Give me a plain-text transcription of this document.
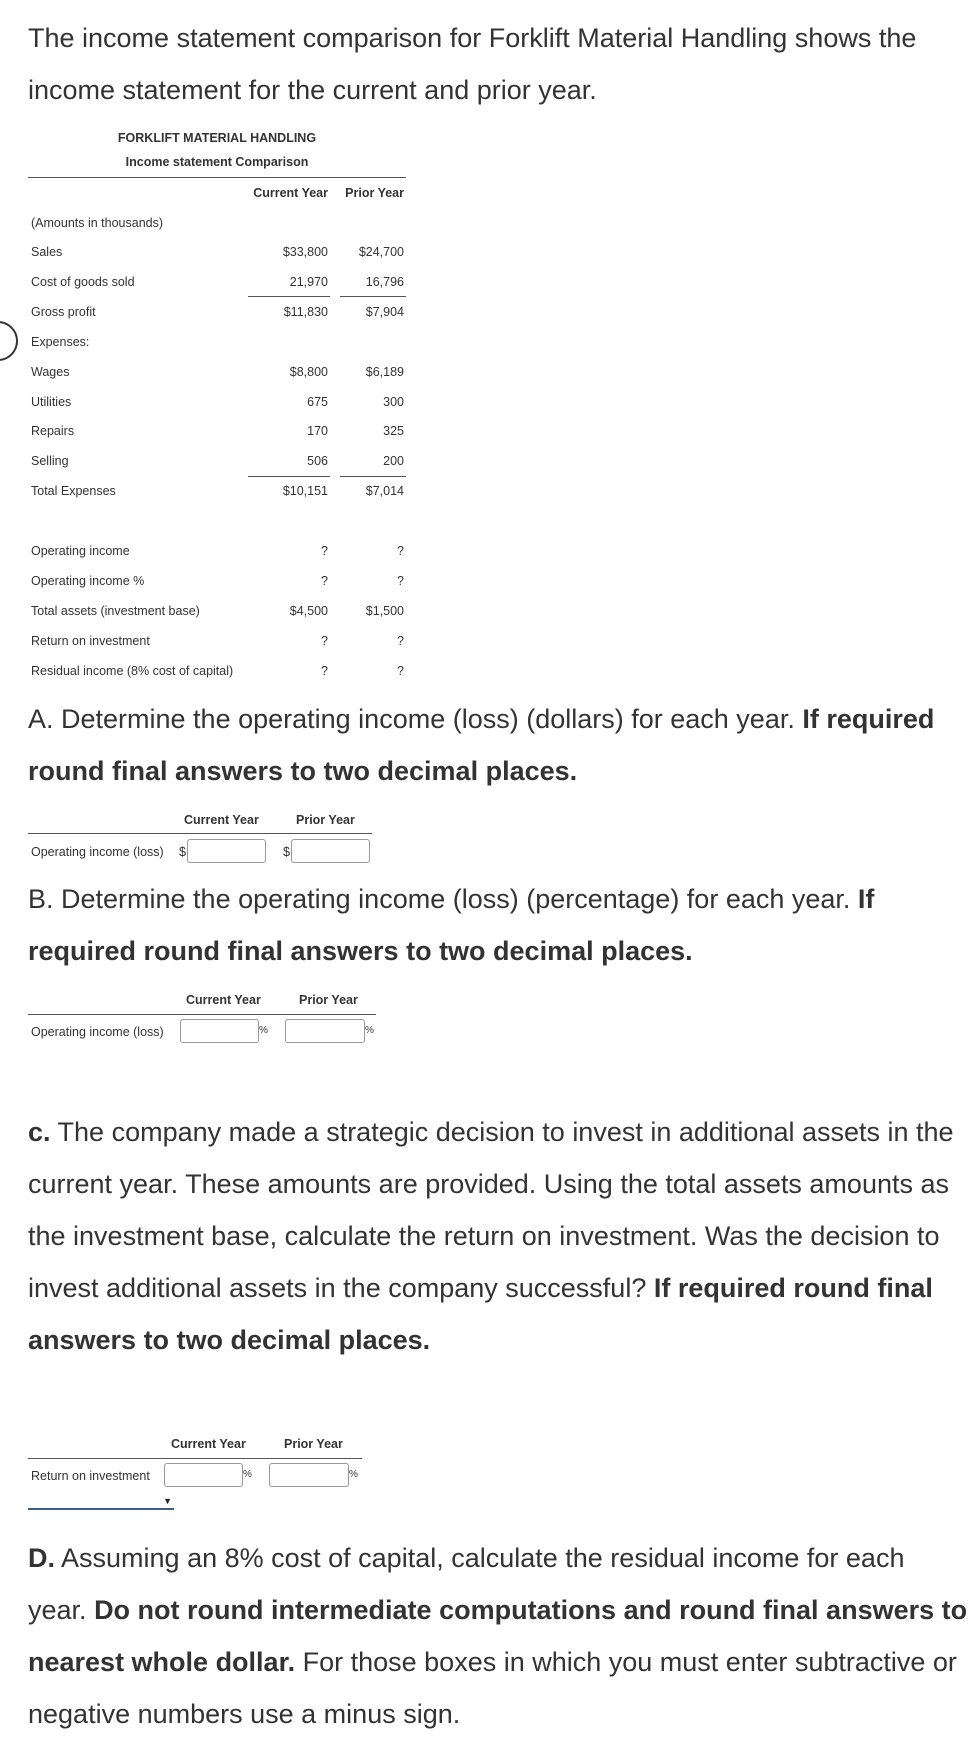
The income statement comparison for Forklift Material Handling shows the income statement for the current and prior year.

FORKLIFT MATERIAL HANDLING
Income statement Comparison
Current Year	Prior Year
(Amounts in thousands)
Sales	$33,800	$24,700
Cost of goods sold	21,970	16,796
Gross profit	$11,830	$7,904
Expenses:
Wages	$8,800	$6,189
Utilities	675	300
Repairs	170	325
Selling	506	200
Total Expenses	$10,151	$7,014
Operating income	?	?
Operating income %	?	?
Total assets (investment base)	$4,500	$1,500
Return on investment	?	?
Residual income (8% cost of capital)	?	?

A. Determine the operating income (loss) (dollars) for each year. If required round final answers to two decimal places.

Current Year	Prior Year
Operating income (loss) $	$

B. Determine the operating income (loss) (percentage) for each year. If required round final answers to two decimal places.

Current Year	Prior Year
Operating income (loss)	%	%

c. The company made a strategic decision to invest in additional assets in the current year. These amounts are provided. Using the total assets amounts as the investment base, calculate the return on investment. Was the decision to invest additional assets in the company successful? If required round final answers to two decimal places.

Current Year	Prior Year
Return on investment	%	%
▼

D. Assuming an 8% cost of capital, calculate the residual income for each year. Do not round intermediate computations and round final answers to nearest whole dollar. For those boxes in which you must enter subtractive or negative numbers use a minus sign.
